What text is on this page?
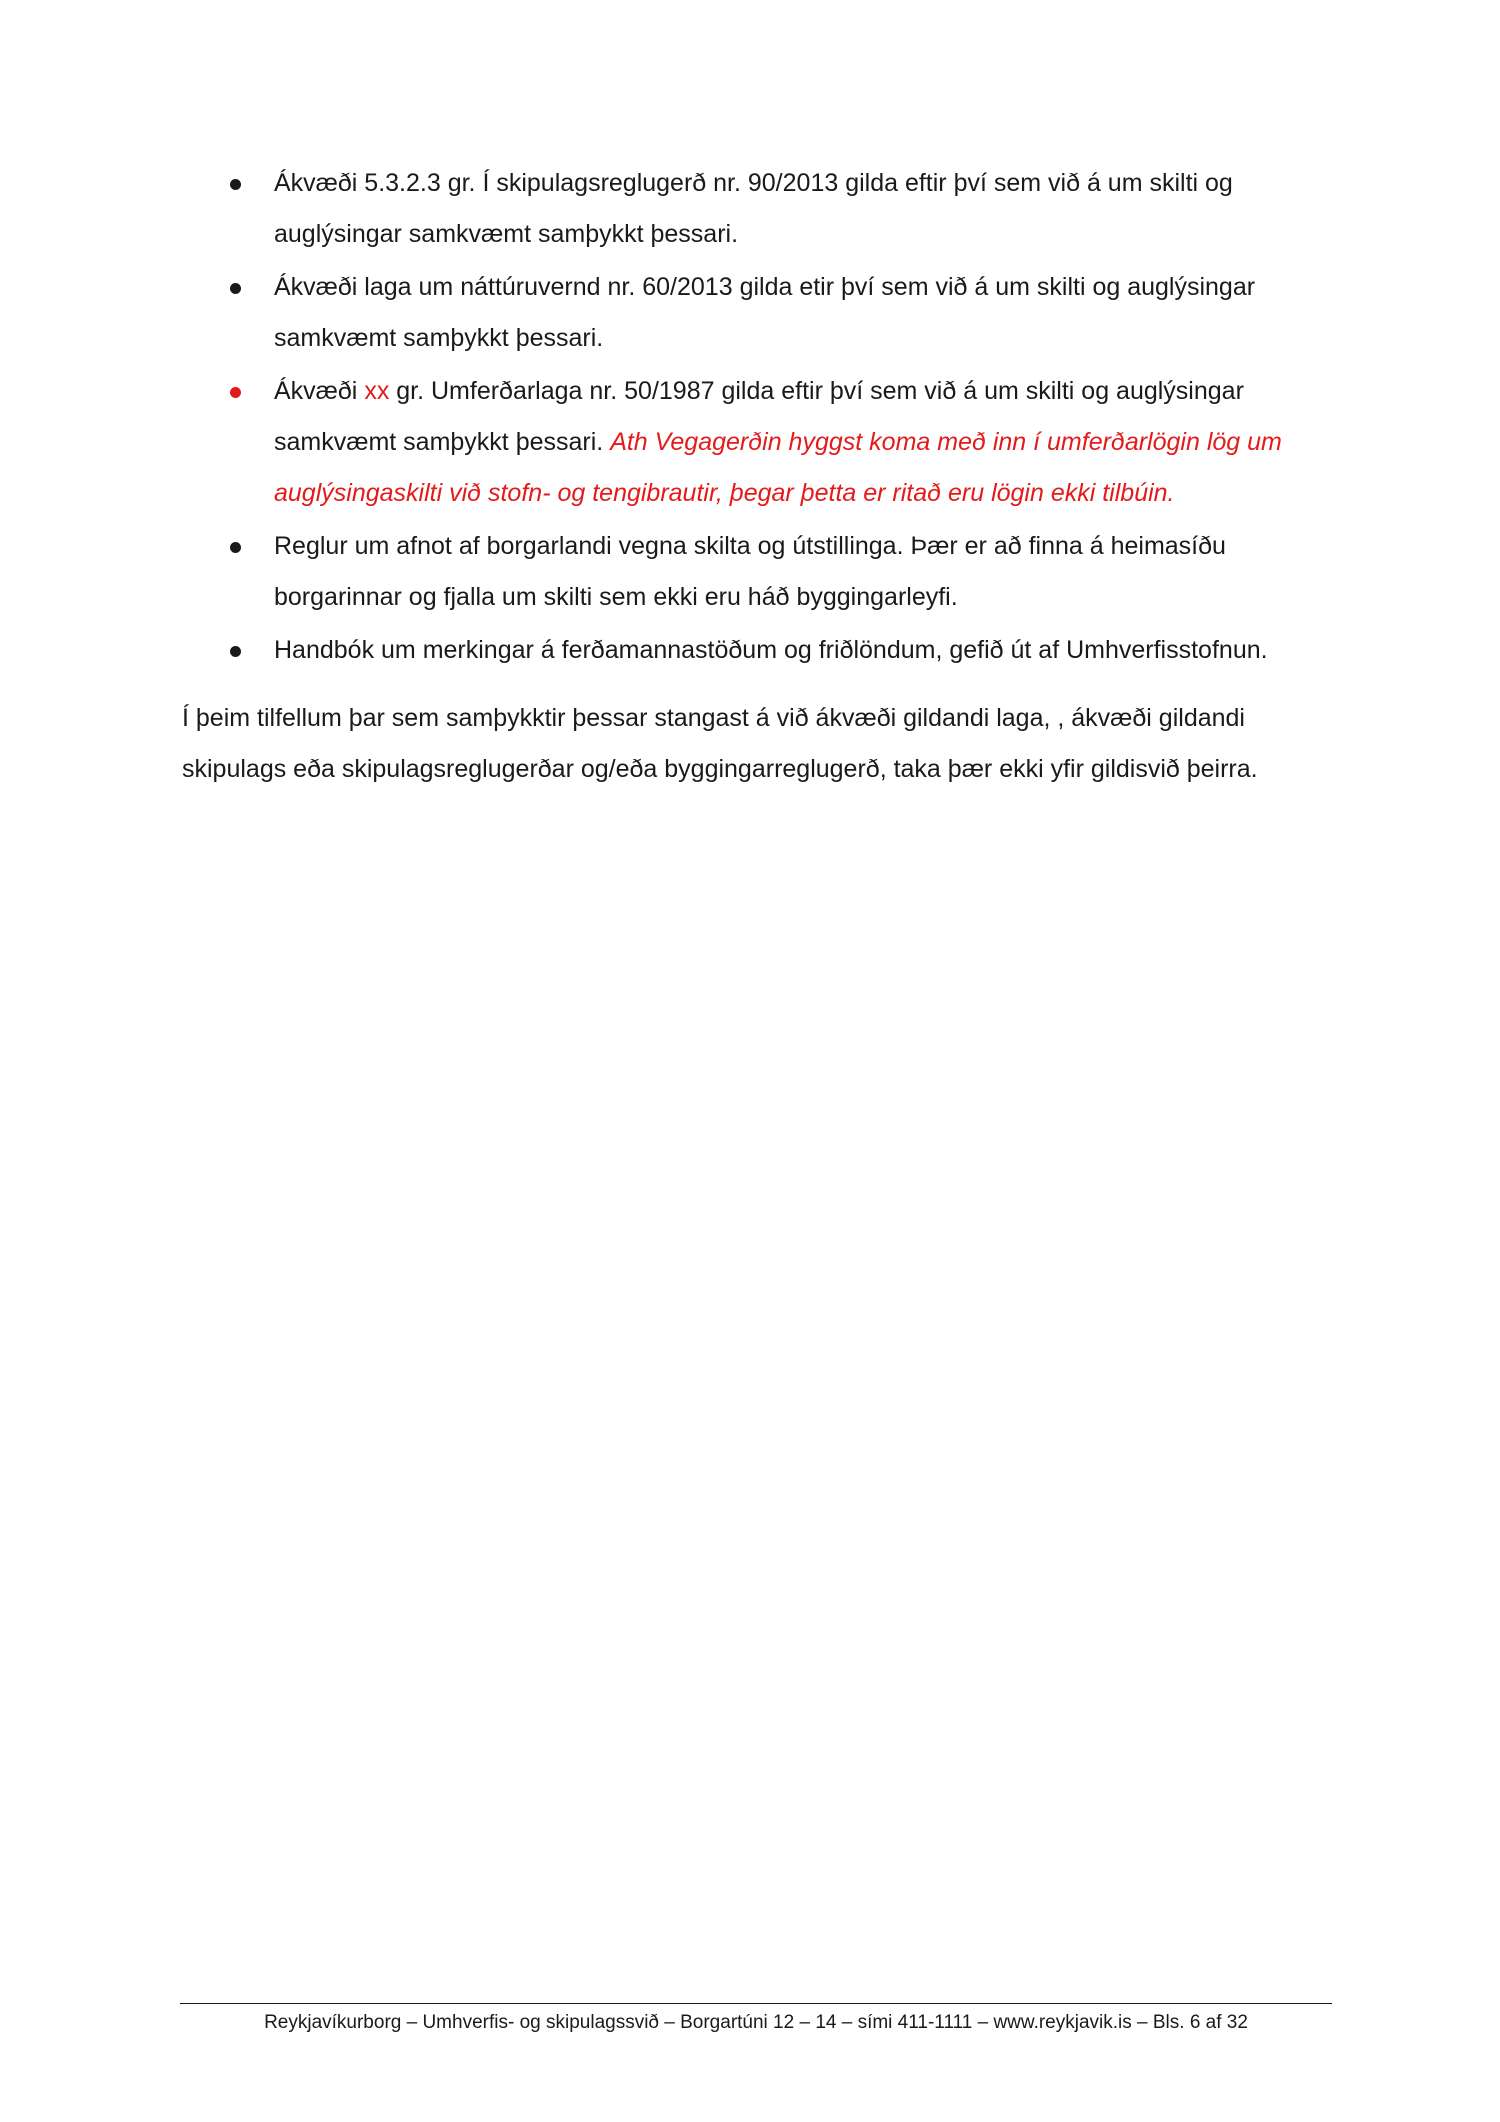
Ákvæði 5.3.2.3 gr. Í skipulagsreglugerð nr. 90/2013 gilda eftir því sem við á um skilti og auglýsingar samkvæmt samþykkt þessari.
Ákvæði laga um náttúruvernd nr. 60/2013 gilda etir því sem við á um skilti og auglýsingar samkvæmt samþykkt þessari.
Ákvæði xx gr. Umferðarlaga nr. 50/1987 gilda eftir því sem við á um skilti og auglýsingar samkvæmt samþykkt þessari. Ath Vegagerðin hyggst koma með inn í umferðarlögin lög um auglýsingaskilti við stofn- og tengibrautir, þegar þetta er ritað eru lögin ekki tilbúin.
Reglur um afnot af borgarlandi vegna skilta og útstillinga. Þær er að finna á heimasíðu borgarinnar og fjalla um skilti sem ekki eru háð byggingarleyfi.
Handbók um merkingar á ferðamannastöðum og friðlöndum, gefið út af Umhverfisstofnun.

Í þeim tilfellum þar sem samþykktir þessar stangast á við ákvæði gildandi laga, , ákvæði gildandi skipulags eða skipulagsreglugerðar og/eða byggingarreglugerð, taka þær ekki yfir gildisvið þeirra.

Reykjavíkurborg – Umhverfis- og skipulagssvið – Borgartúni 12 – 14 – sími 411-1111 – www.reykjavik.is – Bls. 6 af 32
